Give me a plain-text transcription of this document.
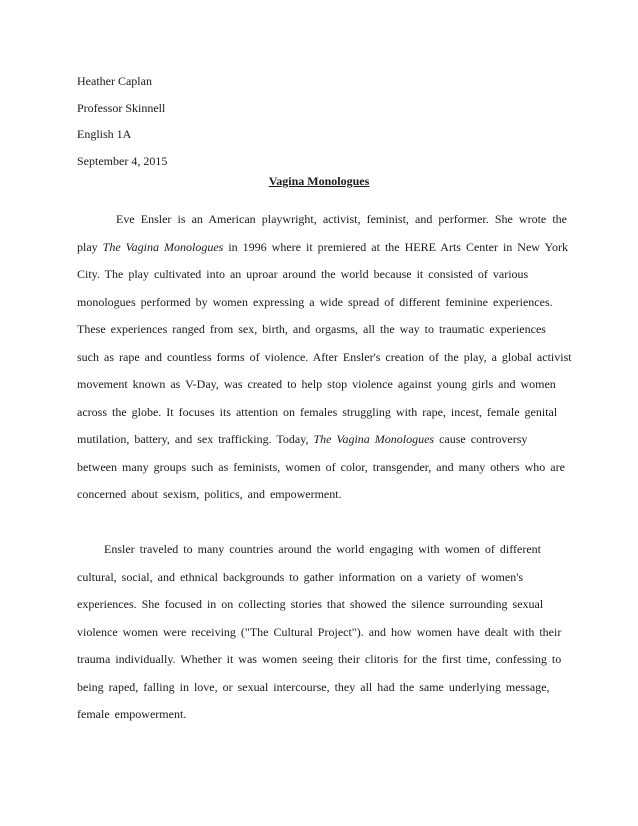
Heather Caplan
Professor Skinnell
English 1A
September 4, 2015
Vagina Monologues
Eve Ensler is an American playwright, activist, feminist, and performer. She wrote the
play The Vagina Monologues in 1996 where it premiered at the HERE Arts Center in New York
City. The play cultivated into an uproar around the world because it consisted of various
monologues performed by women expressing a wide spread of different feminine experiences.
These experiences ranged from sex, birth, and orgasms, all the way to traumatic experiences
such as rape and countless forms of violence. After Ensler's creation of the play, a global activist
movement known as V-Day, was created to help stop violence against young girls and women
across the globe. It focuses its attention on females struggling with rape, incest, female genital
mutilation, battery, and sex trafficking. Today, The Vagina Monologues cause controversy
between many groups such as feminists, women of color, transgender, and many others who are
concerned about sexism, politics, and empowerment.
Ensler traveled to many countries around the world engaging with women of different
cultural, social, and ethnical backgrounds to gather information on a variety of women's
experiences. She focused in on collecting stories that showed the silence surrounding sexual
violence women were receiving ("The Cultural Project"). and how women have dealt with their
trauma individually. Whether it was women seeing their clitoris for the first time, confessing to
being raped, falling in love, or sexual intercourse, they all had the same underlying message,
female empowerment.
